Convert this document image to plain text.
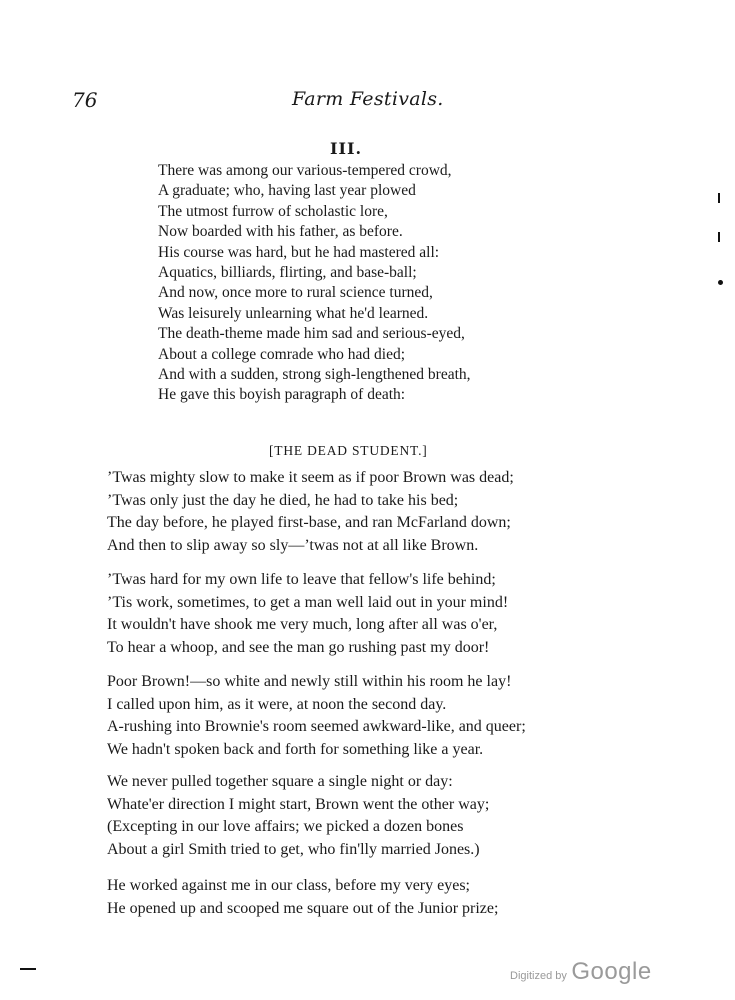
76	Farm Festivals.
III.
There was among our various-tempered crowd,
A graduate; who, having last year plowed
The utmost furrow of scholastic lore,
Now boarded with his father, as before.
His course was hard, but he had mastered all:
Aquatics, billiards, flirting, and base-ball;
And now, once more to rural science turned,
Was leisurely unlearning what he'd learned.
The death-theme made him sad and serious-eyed,
About a college comrade who had died;
And with a sudden, strong sigh-lengthened breath,
He gave this boyish paragraph of death:
[THE DEAD STUDENT.]
’Twas mighty slow to make it seem as if poor Brown was dead;
’Twas only just the day he died, he had to take his bed;
The day before, he played first-base, and ran McFarland down;
And then to slip away so sly—’twas not at all like Brown.
’Twas hard for my own life to leave that fellow's life behind;
’Tis work, sometimes, to get a man well laid out in your mind!
It wouldn't have shook me very much, long after all was o'er,
To hear a whoop, and see the man go rushing past my door!
Poor Brown!—so white and newly still within his room he lay!
I called upon him, as it were, at noon the second day.
A-rushing into Brownie's room seemed awkward-like, and queer;
We hadn't spoken back and forth for something like a year.
We never pulled together square a single night or day:
Whate'er direction I might start, Brown went the other way;
(Excepting in our love affairs; we picked a dozen bones
About a girl Smith tried to get, who fin'lly married Jones.)
He worked against me in our class, before my very eyes;
He opened up and scooped me square out of the Junior prize;
Digitized by Google
